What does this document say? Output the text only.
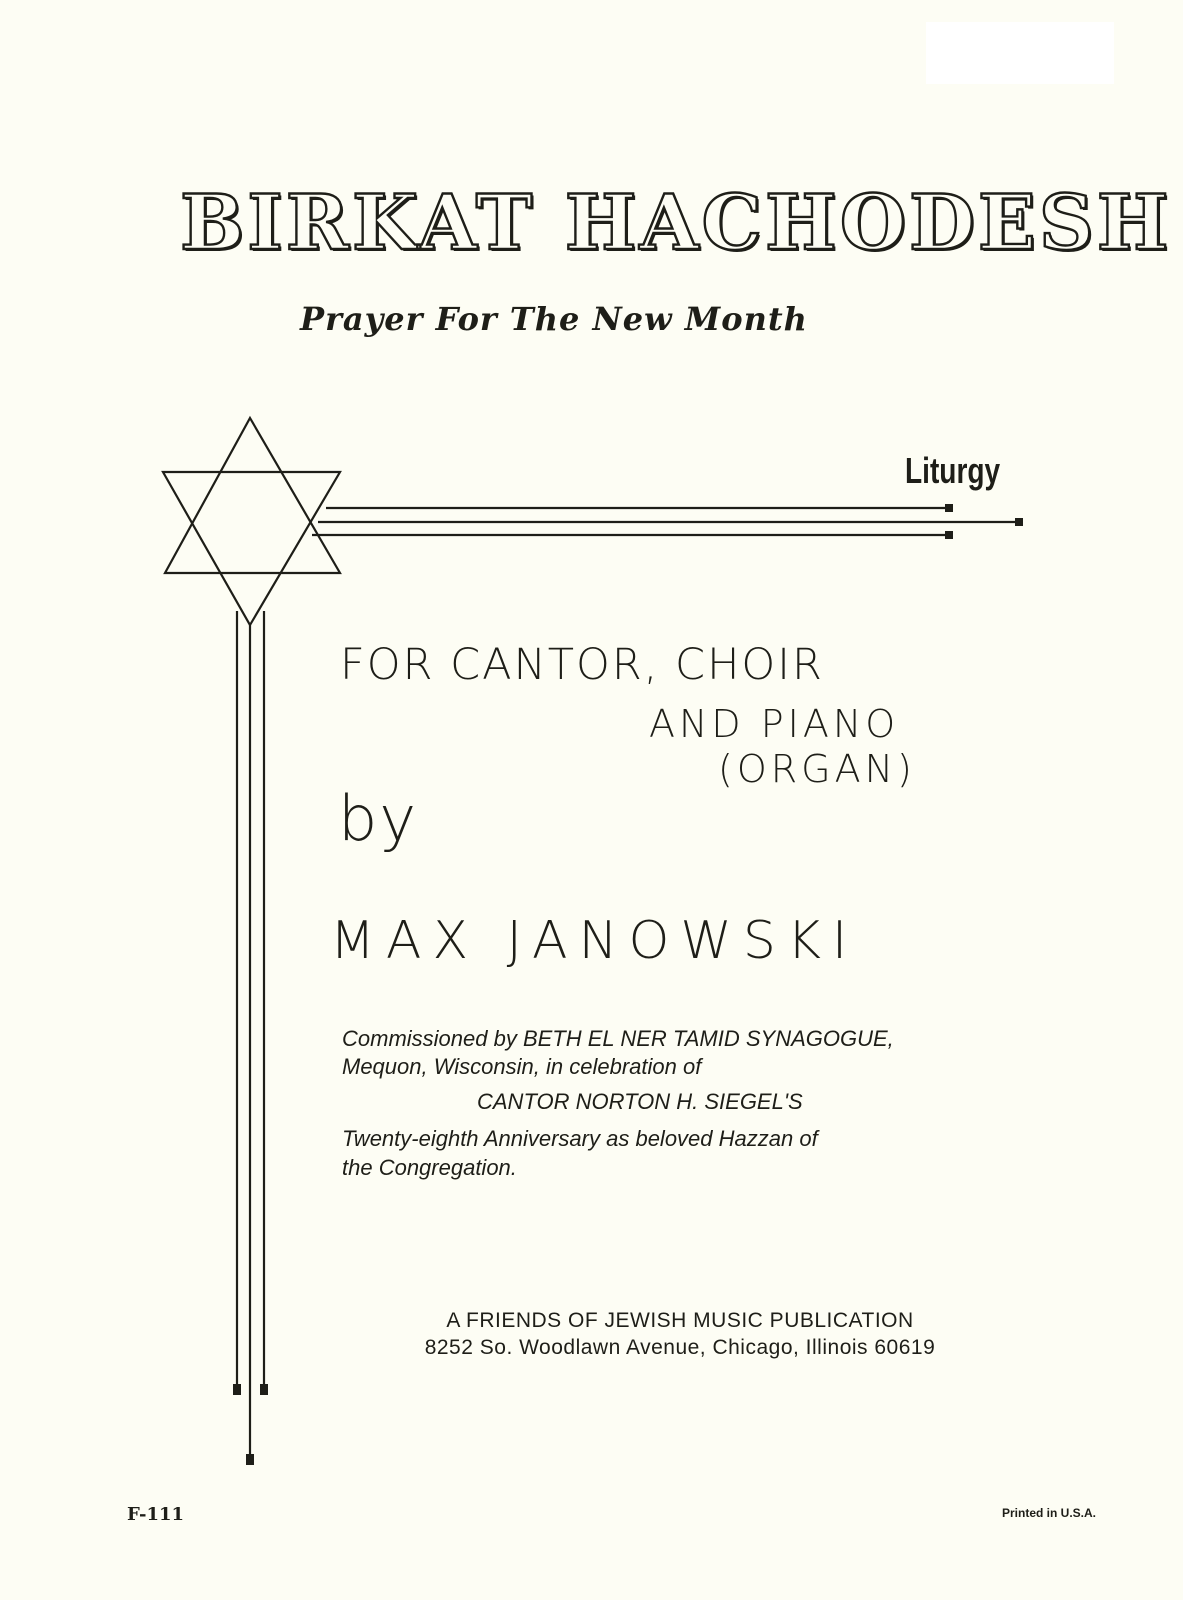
BIRKAT HACHODESH
Prayer For The New Month
Liturgy
FOR CANTOR, CHOIR
AND PIANO
(ORGAN)
by
MAX JANOWSKI
Commissioned by BETH EL NER TAMID SYNAGOGUE,
Mequon, Wisconsin, in celebration of
CANTOR NORTON H. SIEGEL'S
Twenty-eighth Anniversary as beloved Hazzan of
the Congregation.
A FRIENDS OF JEWISH MUSIC PUBLICATION
8252 So. Woodlawn Avenue, Chicago, Illinois 60619
F-111	Printed in U.S.A.
